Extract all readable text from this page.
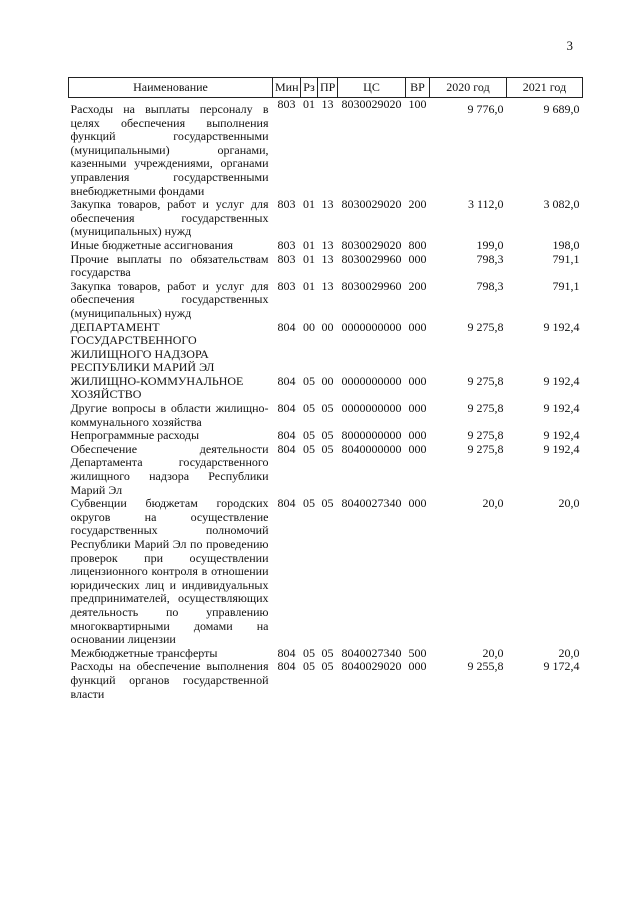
3
Наименование	Мин	Рз	ПР	ЦС	ВР	2020 год	2021 год
Расходы на выплаты персоналу в целях обеспечения выполнения функций государственными (муниципальными) органами, казенными учреждениями, органами управления государственными внебюджетными фондами	803	01	13	8030029020	100	9 776,0	9 689,0
Закупка товаров, работ и услуг для обеспечения государственных (муниципальных) нужд	803	01	13	8030029020	200	3 112,0	3 082,0
Иные бюджетные ассигнования	803	01	13	8030029020	800	199,0	198,0
Прочие выплаты по обязательствам государства	803	01	13	8030029960	000	798,3	791,1
Закупка товаров, работ и услуг для обеспечения государственных (муниципальных) нужд	803	01	13	8030029960	200	798,3	791,1
ДЕПАРТАМЕНТ ГОСУДАРСТВЕННОГО ЖИЛИЩНОГО НАДЗОРА РЕСПУБЛИКИ МАРИЙ ЭЛ	804	00	00	0000000000	000	9 275,8	9 192,4
ЖИЛИЩНО-КОММУНАЛЬНОЕ ХОЗЯЙСТВО	804	05	00	0000000000	000	9 275,8	9 192,4
Другие вопросы в области жилищно-коммунального хозяйства	804	05	05	0000000000	000	9 275,8	9 192,4
Непрограммные расходы	804	05	05	8000000000	000	9 275,8	9 192,4
Обеспечение деятельности Департамента государственного жилищного надзора Республики Марий Эл	804	05	05	8040000000	000	9 275,8	9 192,4
Субвенции бюджетам городских округов на осуществление государственных полномочий Республики Марий Эл по проведению проверок при осуществлении лицензионного контроля в отношении юридических лиц и индивидуальных предпринимателей, осуществляющих деятельность по управлению многоквартирными домами на основании лицензии	804	05	05	8040027340	000	20,0	20,0
Межбюджетные трансферты	804	05	05	8040027340	500	20,0	20,0
Расходы на обеспечение выполнения функций органов государственной власти	804	05	05	8040029020	000	9 255,8	9 172,4
